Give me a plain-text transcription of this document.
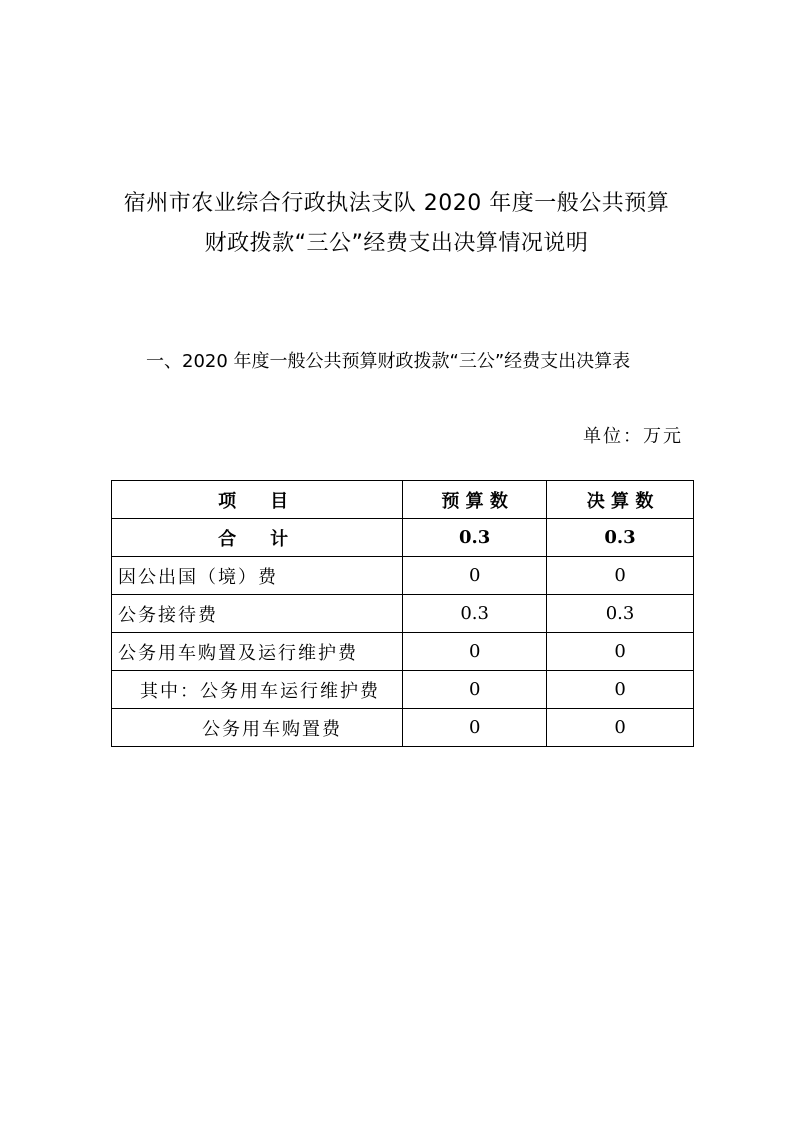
宿州市农业综合行政执法支队 2020 年度一般公共预算
财政拨款“三公”经费支出决算情况说明
一、2020 年度一般公共预算财政拨款“三公”经费支出决算表
单位：万元
项　目	预 算 数	决 算 数
合　计	0.3	0.3
因公出国（境）费	0	0
公务接待费	0.3	0.3
公务用车购置及运行维护费	0	0
其中：公务用车运行维护费	0	0
公务用车购置费	0	0
